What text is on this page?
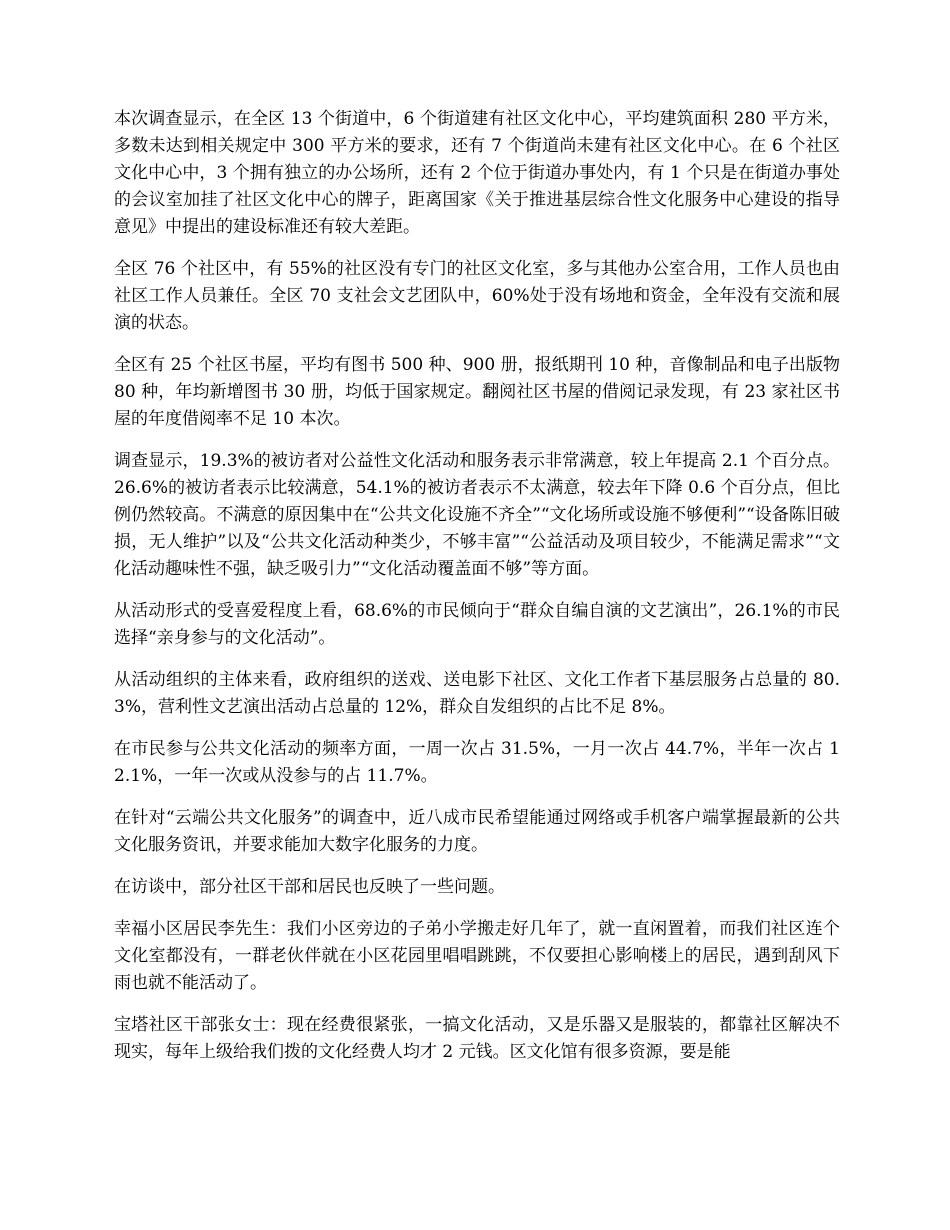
本次调查显示，在全区 13 个街道中，6 个街道建有社区文化中心，平均建筑面积 280 平方米，多数未达到相关规定中 300 平方米的要求，还有 7 个街道尚未建有社区文化中心。在 6 个社区文化中心中，3 个拥有独立的办公场所，还有 2 个位于街道办事处内，有 1 个只是在街道办事处的会议室加挂了社区文化中心的牌子，距离国家《关于推进基层综合性文化服务中心建设的指导意见》中提出的建设标准还有较大差距。

全区 76 个社区中，有 55%的社区没有专门的社区文化室，多与其他办公室合用，工作人员也由社区工作人员兼任。全区 70 支社会文艺团队中，60%处于没有场地和资金，全年没有交流和展演的状态。

全区有 25 个社区书屋，平均有图书 500 种、900 册，报纸期刊 10 种，音像制品和电子出版物 80 种，年均新增图书 30 册，均低于国家规定。翻阅社区书屋的借阅记录发现，有 23 家社区书屋的年度借阅率不足 10 本次。

调查显示，19.3%的被访者对公益性文化活动和服务表示非常满意，较上年提高 2.1 个百分点。26.6%的被访者表示比较满意，54.1%的被访者表示不太满意，较去年下降 0.6 个百分点，但比例仍然较高。不满意的原因集中在“公共文化设施不齐全”“文化场所或设施不够便利”“设备陈旧破损，无人维护”以及“公共文化活动种类少，不够丰富”“公益活动及项目较少，不能满足需求”“文化活动趣味性不强，缺乏吸引力”“文化活动覆盖面不够”等方面。

从活动形式的受喜爱程度上看，68.6%的市民倾向于“群众自编自演的文艺演出”，26.1%的市民选择“亲身参与的文化活动”。

从活动组织的主体来看，政府组织的送戏、送电影下社区、文化工作者下基层服务占总量的 80.3%，营利性文艺演出活动占总量的 12%，群众自发组织的占比不足 8%。

在市民参与公共文化活动的频率方面，一周一次占 31.5%，一月一次占 44.7%，半年一次占 12.1%，一年一次或从没参与的占 11.7%。

在针对“云端公共文化服务”的调查中，近八成市民希望能通过网络或手机客户端掌握最新的公共文化服务资讯，并要求能加大数字化服务的力度。

在访谈中，部分社区干部和居民也反映了一些问题。

幸福小区居民李先生：我们小区旁边的子弟小学搬走好几年了，就一直闲置着，而我们社区连个文化室都没有，一群老伙伴就在小区花园里唱唱跳跳，不仅要担心影响楼上的居民，遇到刮风下雨也就不能活动了。

宝塔社区干部张女士：现在经费很紧张，一搞文化活动，又是乐器又是服装的，都靠社区解决不现实，每年上级给我们拨的文化经费人均才 2 元钱。区文化馆有很多资源，要是能
